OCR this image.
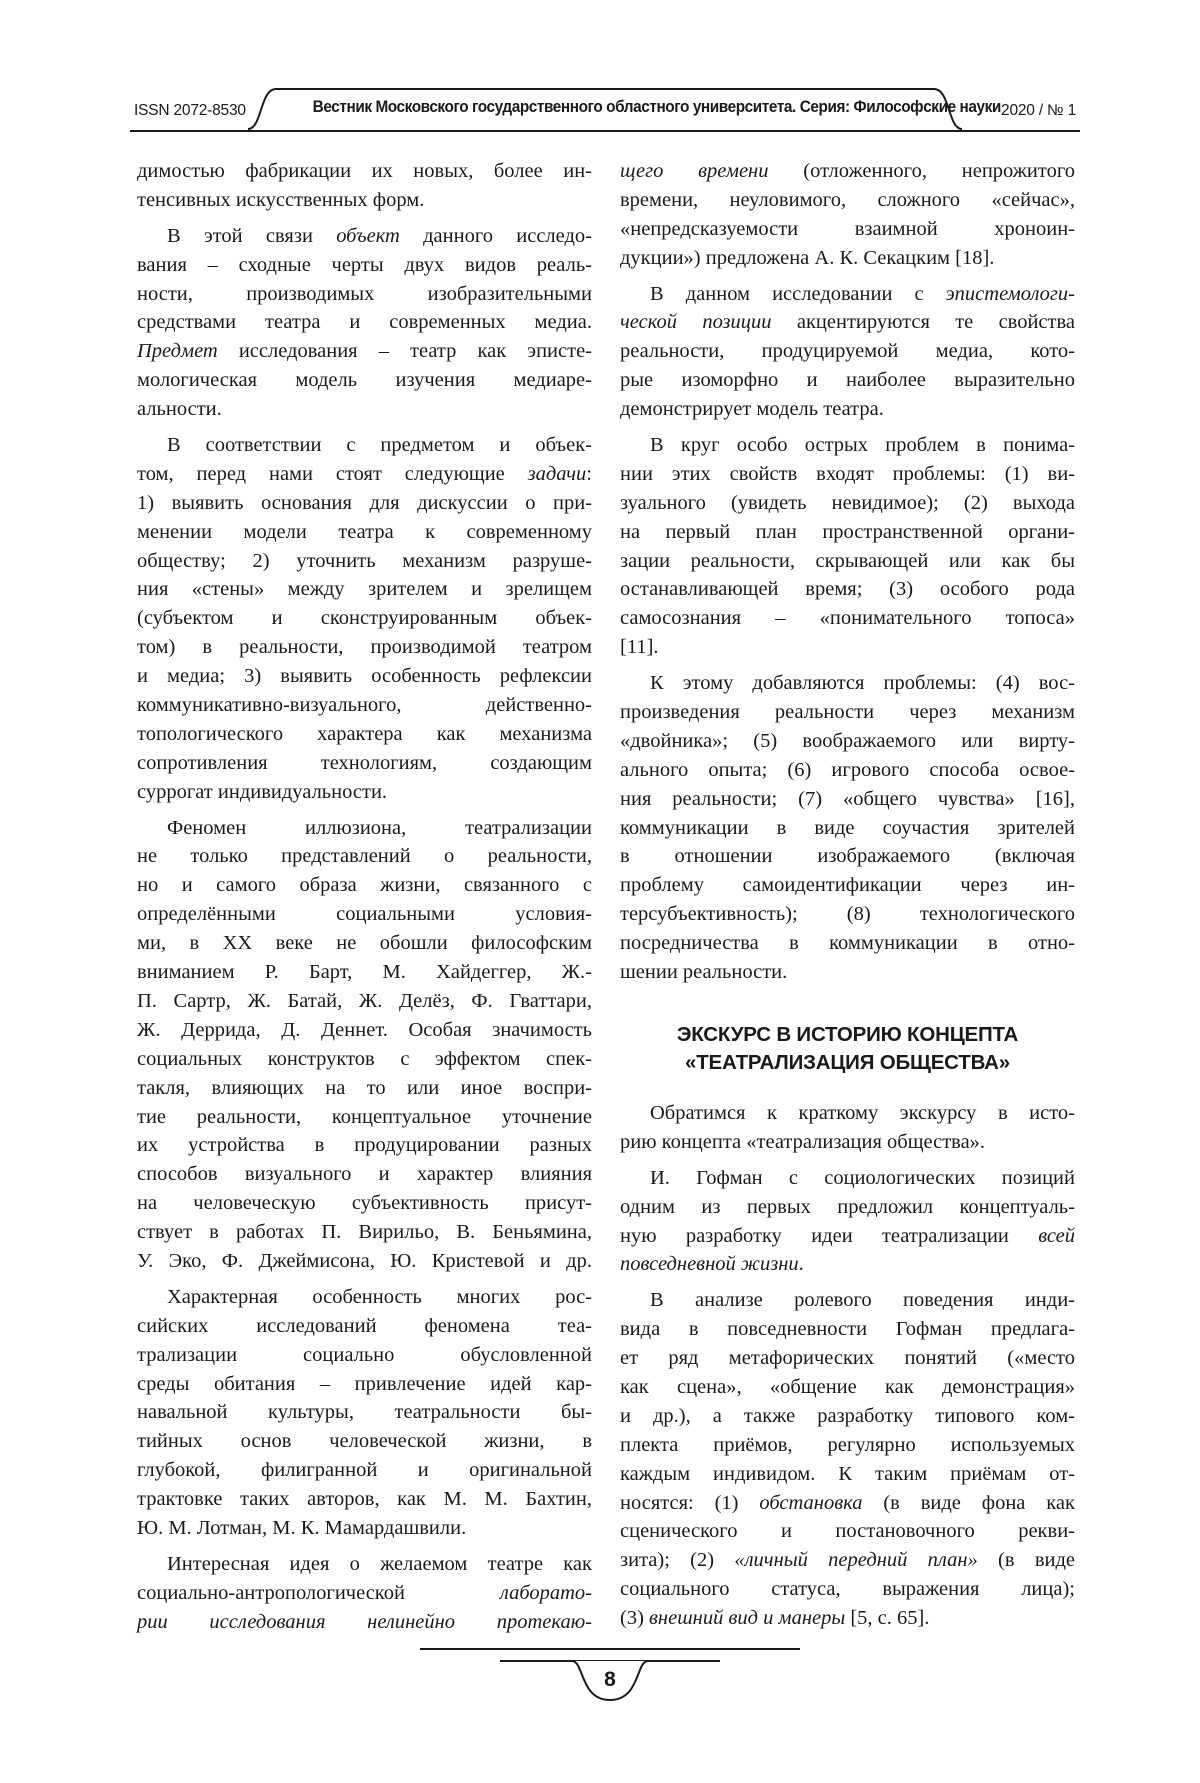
ISSN 2072-8530	Вестник Московского государственного областного университета. Серия: Философские науки 2020 / № 1
димостью фабрикации их новых, более ин-
тенсивных искусственных форм.
В этой связи объект данного исследо-
вания – сходные черты двух видов реаль-
ности, производимых изобразительными
средствами театра и современных медиа.
Предмет исследования – театр как эписте-
мологическая модель изучения медиаре-
альности.
В соответствии с предметом и объек-
том, перед нами стоят следующие задачи:
1) выявить основания для дискуссии о при-
менении модели театра к современному
обществу; 2) уточнить механизм разруше-
ния «стены» между зрителем и зрелищем
(субъектом и сконструированным объек-
том) в реальности, производимой театром
и медиа; 3) выявить особенность рефлексии
коммуникативно-визуального, действенно-
топологического характера как механизма
сопротивления технологиям, создающим
суррогат индивидуальности.
Феномен иллюзиона, театрализации
не только представлений о реальности,
но и самого образа жизни, связанного с
определёнными социальными условия-
ми, в XX веке не обошли философским
вниманием Р. Барт, М. Хайдеггер, Ж.-
П. Сартр, Ж. Батай, Ж. Делёз, Ф. Гваттари,
Ж. Деррида, Д. Деннет. Особая значимость
социальных конструктов с эффектом спек-
такля, влияющих на то или иное воспри-
тие реальности, концептуальное уточнение
их устройства в продуцировании разных
способов визуального и характер влияния
на человеческую субъективность присут-
ствует в работах П. Вирильо, В. Беньямина,
У. Эко, Ф. Джеймисона, Ю. Кристевой и др.
Характерная особенность многих рос-
сийских исследований феномена теа-
трализации социально обусловленной
среды обитания – привлечение идей кар-
навальной культуры, театральности бы-
тийных основ человеческой жизни, в
глубокой, филигранной и оригинальной
трактовке таких авторов, как М. М. Бахтин,
Ю. М. Лотман, М. К. Мамардашвили.
Интересная идея о желаемом театре как
социально-антропологической лаборато-
рии исследования нелинейно протекаю-
щего времени (отложенного, непрожитого
времени, неуловимого, сложного «сейчас»,
«непредсказуемости взаимной хроноин-
дукции») предложена А. К. Секацким [18].
В данном исследовании с эпистемологи-
ческой позиции акцентируются те свойства
реальности, продуцируемой медиа, кото-
рые изоморфно и наиболее выразительно
демонстрирует модель театра.
В круг особо острых проблем в понима-
нии этих свойств входят проблемы: (1) ви-
зуального (увидеть невидимое); (2) выхода
на первый план пространственной органи-
зации реальности, скрывающей или как бы
останавливающей время; (3) особого рода
самосознания – «понимательного топоса»
[11].
К этому добавляются проблемы: (4) вос-
произведения реальности через механизм
«двойника»; (5) воображаемого или вирту-
ального опыта; (6) игрового способа освое-
ния реальности; (7) «общего чувства» [16],
коммуникации в виде соучастия зрителей
в отношении изображаемого (включая
проблему самоидентификации через ин-
терсубъективность); (8) технологического
посредничества в коммуникации в отно-
шении реальности.
ЭКСКУРС В ИСТОРИЮ КОНЦЕПТА
«ТЕАТРАЛИЗАЦИЯ ОБЩЕСТВА»
Обратимся к краткому экскурсу в исто-
рию концепта «театрализация общества».
И. Гофман с социологических позиций
одним из первых предложил концептуаль-
ную разработку идеи театрализации всей
повседневной жизни.
В анализе ролевого поведения инди-
вида в повседневности Гофман предлага-
ет ряд метафорических понятий («место
как сцена», «общение как демонстрация»
и др.), а также разработку типового ком-
плекта приёмов, регулярно используемых
каждым индивидом. К таким приёмам от-
носятся: (1) обстановка (в виде фона как
сценического и постановочного рекви-
зита); (2) «личный передний план» (в виде
социального статуса, выражения лица);
(3) внешний вид и манеры [5, с. 65].
8
